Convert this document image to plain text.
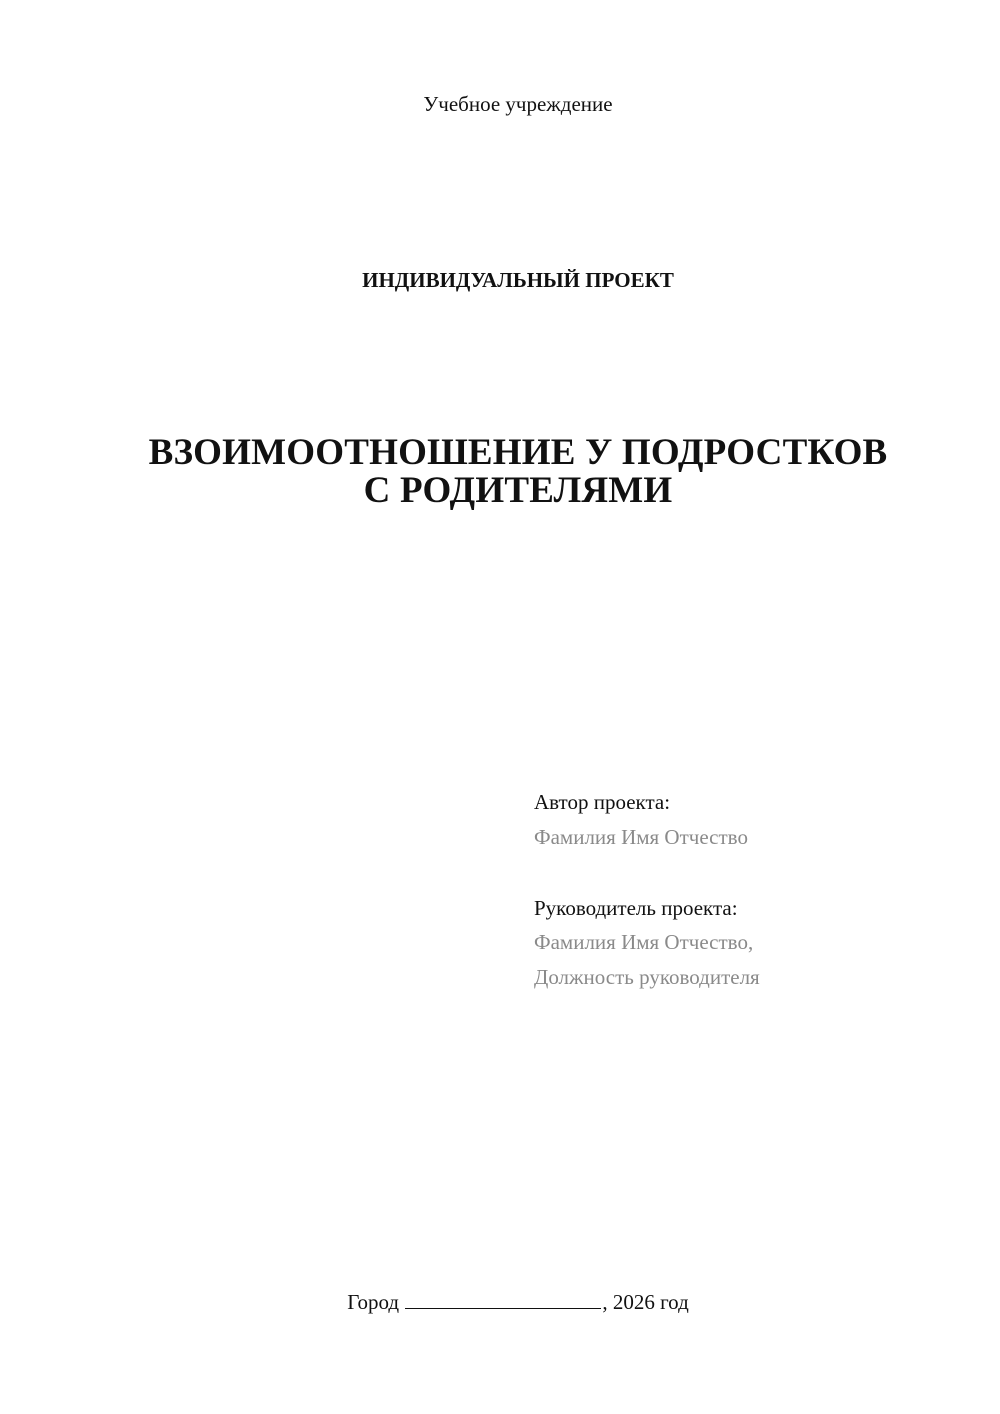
Учебное учреждение
ИНДИВИДУАЛЬНЫЙ ПРОЕКТ
ВЗОИМООТНОШЕНИЕ У ПОДРОСТКОВ
С РОДИТЕЛЯМИ
Автор проекта:
Фамилия Имя Отчество
Руководитель проекта:
Фамилия Имя Отчество,
Должность руководителя
Город	, 2026 год
